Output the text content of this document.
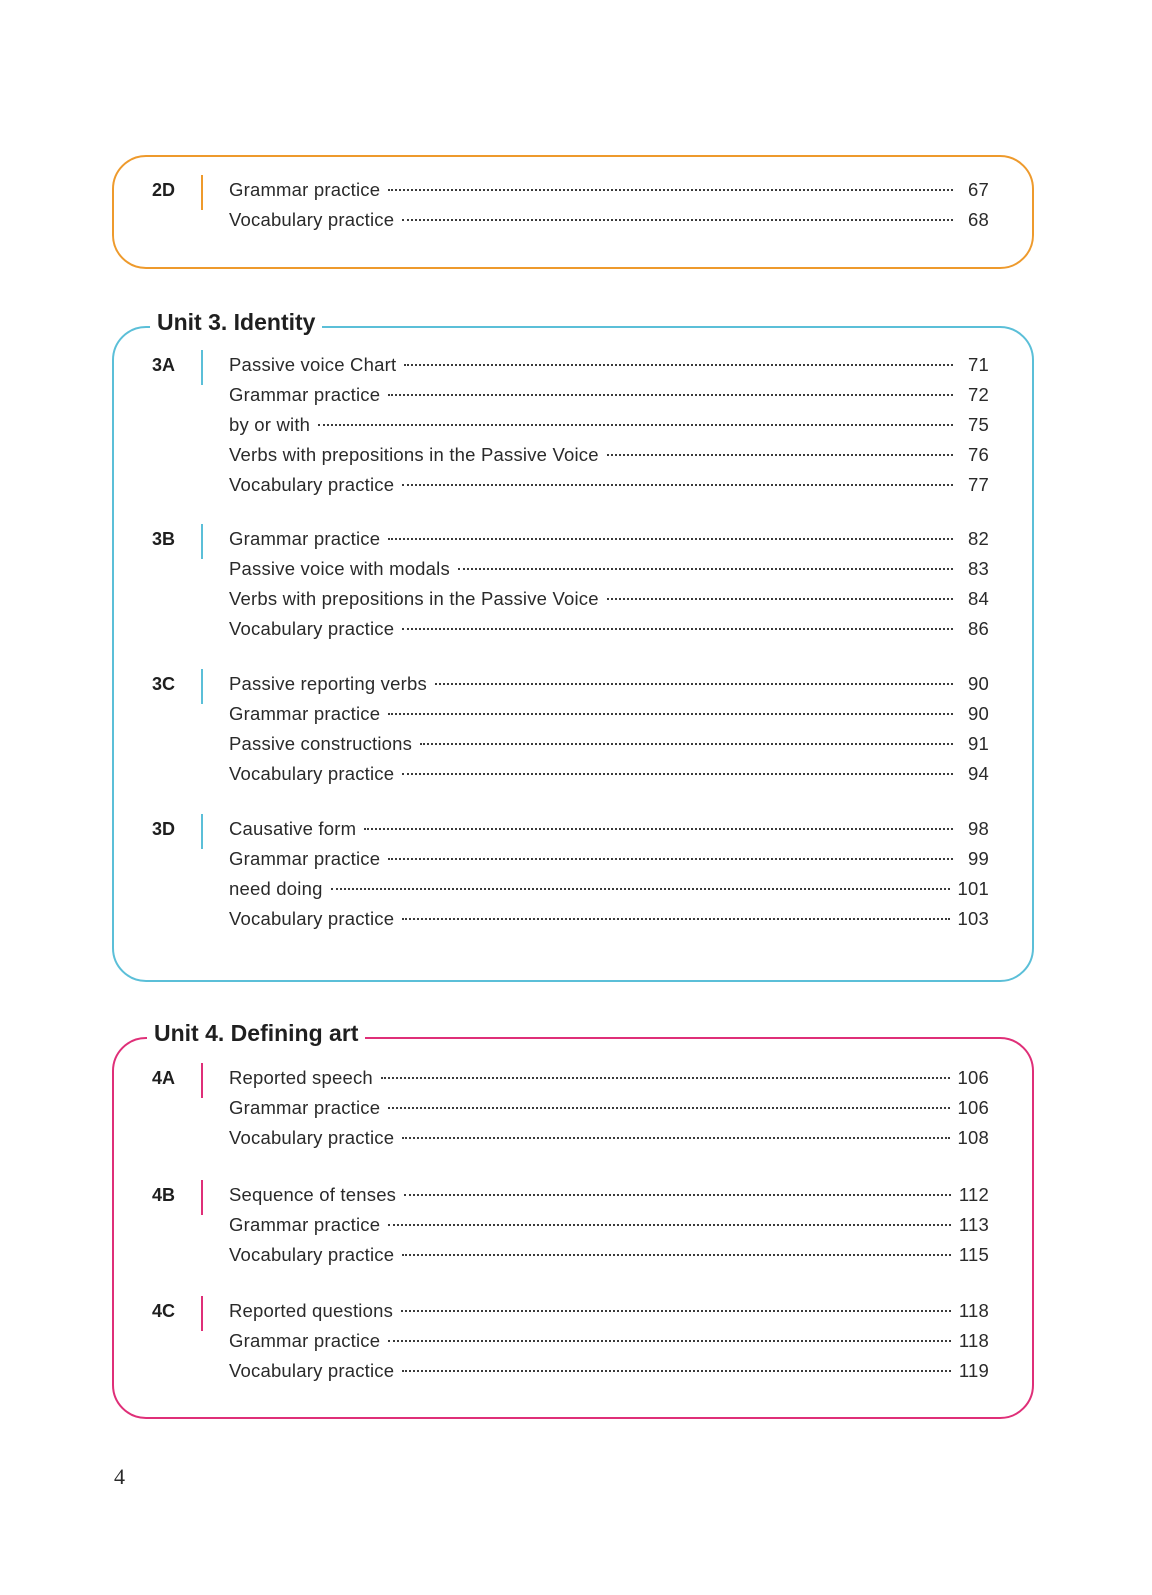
2D	Grammar practice	67
Vocabulary practice	68
Unit 3. Identity
3A	Passive voice Chart	71
Grammar practice	72
by or with	75
Verbs with prepositions in the Passive Voice	76
Vocabulary practice	77
3B	Grammar practice	82
Passive voice with modals	83
Verbs with prepositions in the Passive Voice	84
Vocabulary practice	86
3C	Passive reporting verbs	90
Grammar practice	90
Passive constructions	91
Vocabulary practice	94
3D	Causative form	98
Grammar practice	99
need doing	101
Vocabulary practice	103
Unit 4. Defining art
4A	Reported speech	106
Grammar practice	106
Vocabulary practice	108
4B	Sequence of tenses	112
Grammar practice	113
Vocabulary practice	115
4C	Reported questions	118
Grammar practice	118
Vocabulary practice	119
4
